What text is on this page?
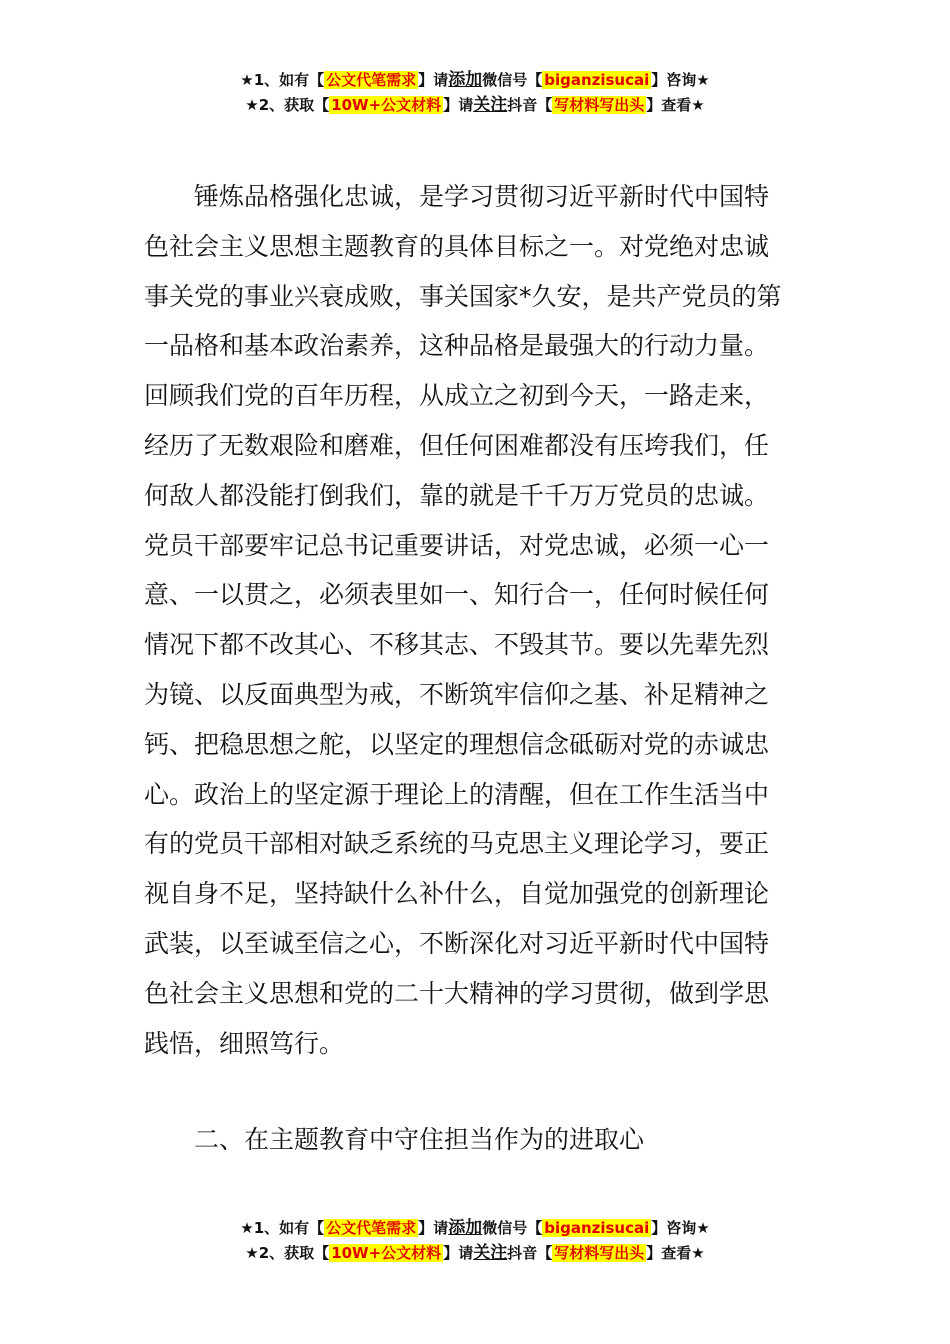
★1、如有【 公文代笔需求 】请添加微信号【 biganzisucai 】咨询★
★2、获取【 10W+公文材料 】请关注抖音【 写材料写出头 】查看★
　　锤炼品格强化忠诚，是学习贯彻习近平新时代中国特
色社会主义思想主题教育的具体目标之一。对党绝对忠诚
事关党的事业兴衰成败，事关国家*久安，是共产党员的第
一品格和基本政治素养，这种品格是最强大的行动力量。
回顾我们党的百年历程，从成立之初到今天，一路走来，
经历了无数艰险和磨难，但任何困难都没有压垮我们，任
何敌人都没能打倒我们，靠的就是千千万万党员的忠诚。
党员干部要牢记总书记重要讲话，对党忠诚，必须一心一
意、一以贯之，必须表里如一、知行合一，任何时候任何
情况下都不改其心、不移其志、不毁其节。要以先辈先烈
为镜、以反面典型为戒，不断筑牢信仰之基、补足精神之
钙、把稳思想之舵，以坚定的理想信念砥砺对党的赤诚忠
心。政治上的坚定源于理论上的清醒，但在工作生活当中
有的党员干部相对缺乏系统的马克思主义理论学习，要正
视自身不足，坚持缺什么补什么，自觉加强党的创新理论
武装，以至诚至信之心，不断深化对习近平新时代中国特
色社会主义思想和党的二十大精神的学习贯彻，做到学思
践悟，细照笃行。
二、在主题教育中守住担当作为的进取心
★1、如有【 公文代笔需求 】请添加微信号【 biganzisucai 】咨询★
★2、获取【 10W+公文材料 】请关注抖音【 写材料写出头 】查看★
